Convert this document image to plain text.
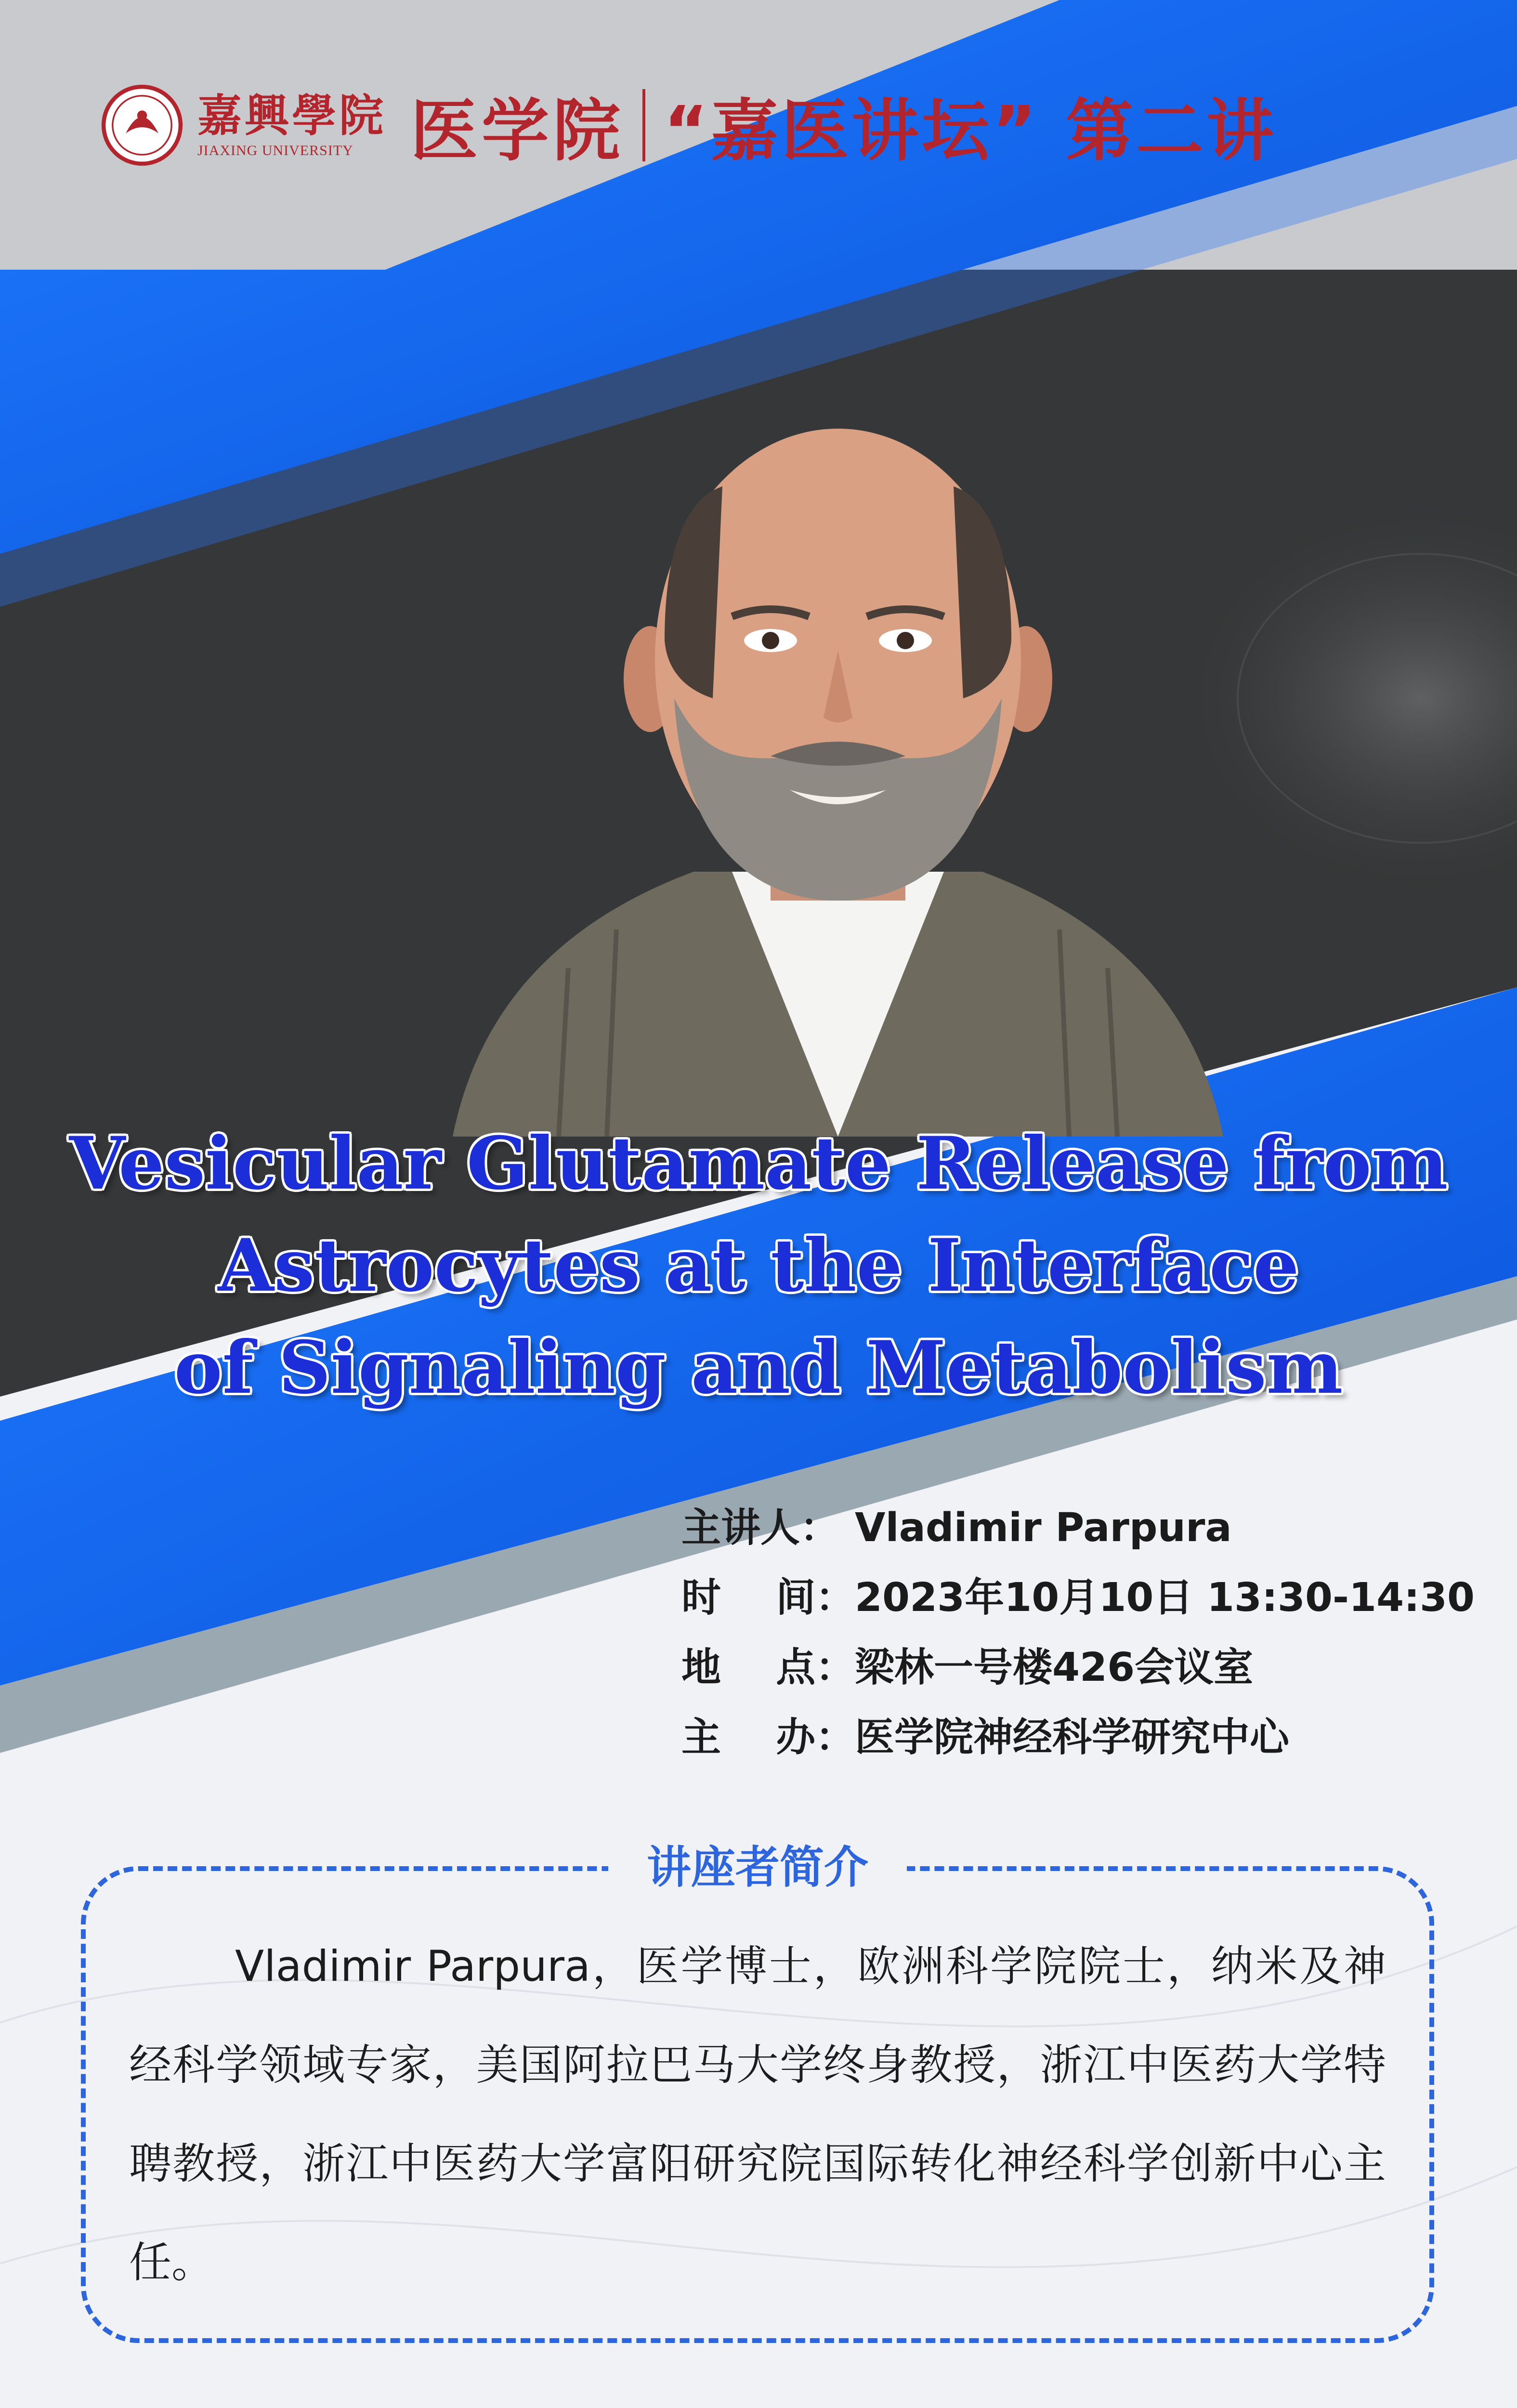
嘉興學院
JIAXING UNIVERSITY 医学院 “嘉医讲坛” 第二讲
Vesicular Glutamate Release from
Astrocytes at the Interface
of Signaling and Metabolism
主讲人： Vladimir Parpura
时    间： 2023年10月10日 13:30-14:30
地    点： 梁林一号楼426会议室
主    办： 医学院神经科学研究中心
讲座者简介

Vladimir Parpura，医学博士，欧洲科学院院士，纳米及神经科学领域专家，美国阿拉巴马大学终身教授，浙江中医药大学特聘教授，浙江中医药大学富阳研究院国际转化神经科学创新中心主任。
